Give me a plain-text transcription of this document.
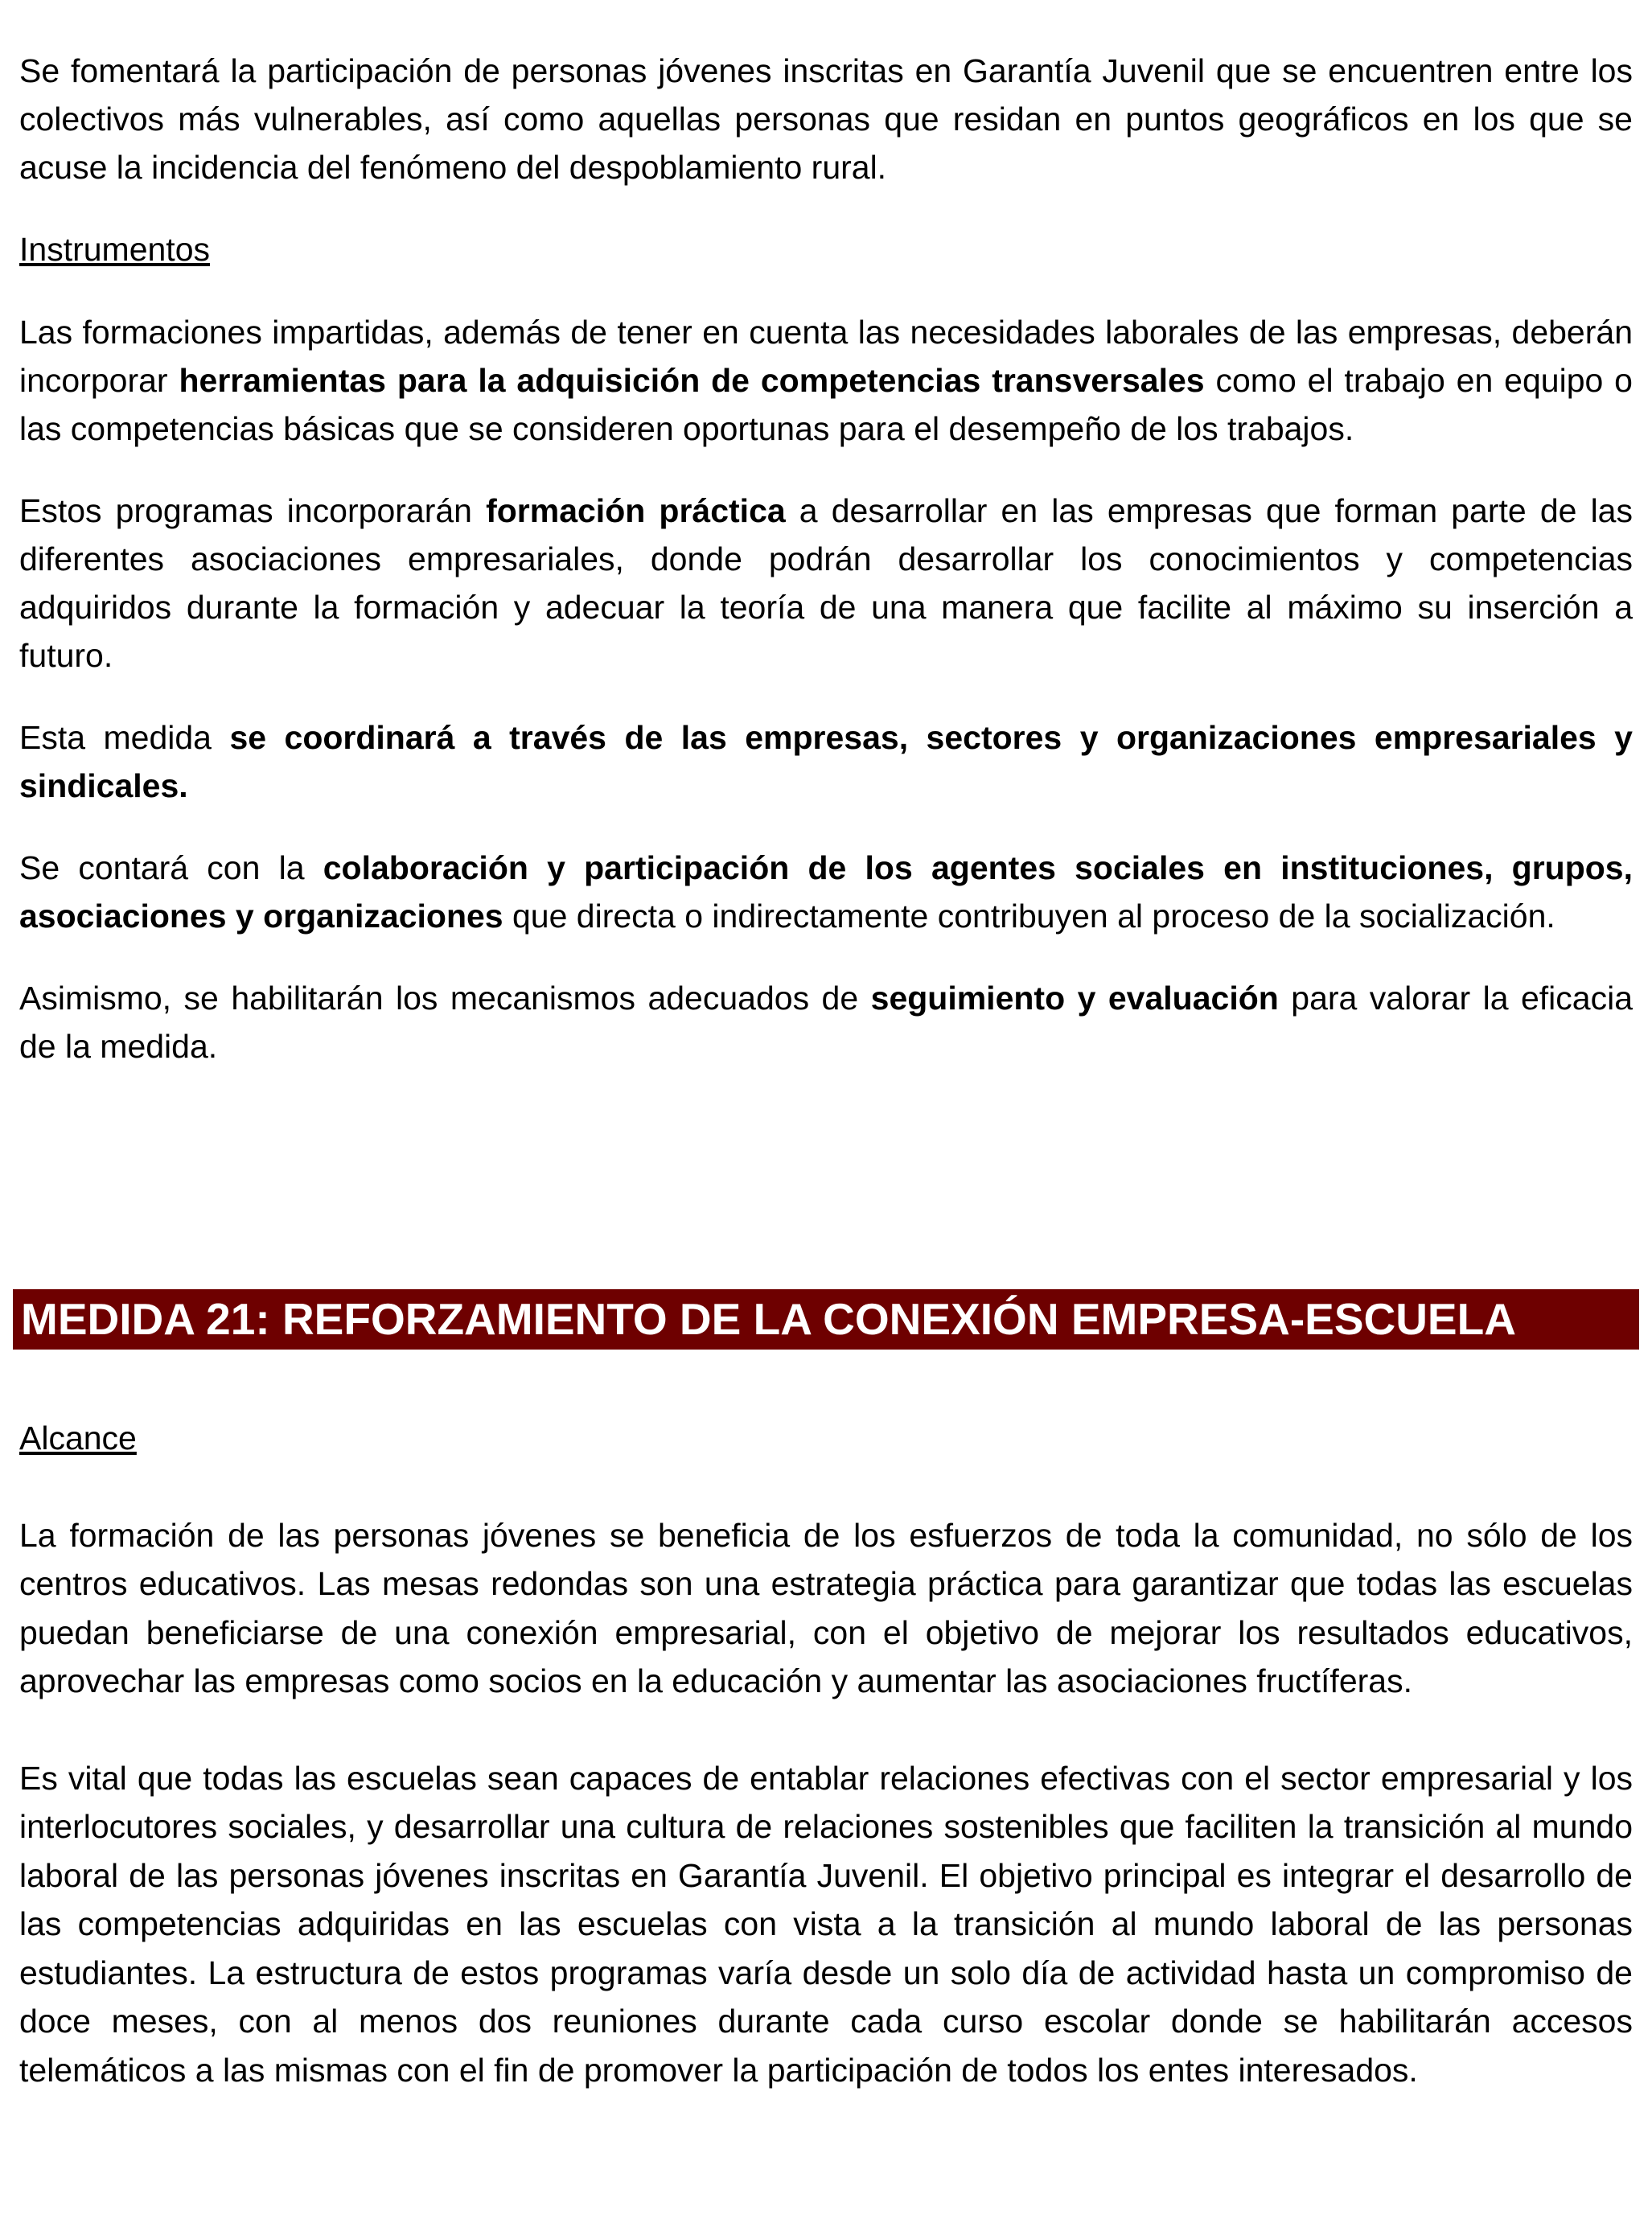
Se fomentará la participación de personas jóvenes inscritas en Garantía Juvenil que se encuentren entre los colectivos más vulnerables, así como aquellas personas que residan en puntos geográficos en los que se acuse la incidencia del fenómeno del despoblamiento rural.

Instrumentos

Las formaciones impartidas, además de tener en cuenta las necesidades laborales de las empresas, deberán incorporar herramientas para la adquisición de competencias transversales como el trabajo en equipo o las competencias básicas que se consideren oportunas para el desempeño de los trabajos.

Estos programas incorporarán formación práctica a desarrollar en las empresas que forman parte de las diferentes asociaciones empresariales, donde podrán desarrollar los conocimientos y competencias adquiridos durante la formación y adecuar la teoría de una manera que facilite al máximo su inserción a futuro.

Esta medida se coordinará a través de las empresas, sectores y organizaciones empresariales y sindicales.

Se contará con la colaboración y participación de los agentes sociales en instituciones, grupos, asociaciones y organizaciones que directa o indirectamente contribuyen al proceso de la socialización.

Asimismo, se habilitarán los mecanismos adecuados de seguimiento y evaluación para valorar la eficacia de la medida.

MEDIDA 21: REFORZAMIENTO DE LA CONEXIÓN EMPRESA-ESCUELA
Alcance

La formación de las personas jóvenes se beneficia de los esfuerzos de toda la comunidad, no sólo de los centros educativos. Las mesas redondas son una estrategia práctica para garantizar que todas las escuelas puedan beneficiarse de una conexión empresarial, con el objetivo de mejorar los resultados educativos, aprovechar las empresas como socios en la educación y aumentar las asociaciones fructíferas.

Es vital que todas las escuelas sean capaces de entablar relaciones efectivas con el sector empresarial y los interlocutores sociales, y desarrollar una cultura de relaciones sostenibles que faciliten la transición al mundo laboral de las personas jóvenes inscritas en Garantía Juvenil. El objetivo principal es integrar el desarrollo de las competencias adquiridas en las escuelas con vista a la transición al mundo laboral de las personas estudiantes. La estructura de estos programas varía desde un solo día de actividad hasta un compromiso de doce meses, con al menos dos reuniones durante cada curso escolar donde se habilitarán accesos telemáticos a las mismas con el fin de promover la participación de todos los entes interesados.
